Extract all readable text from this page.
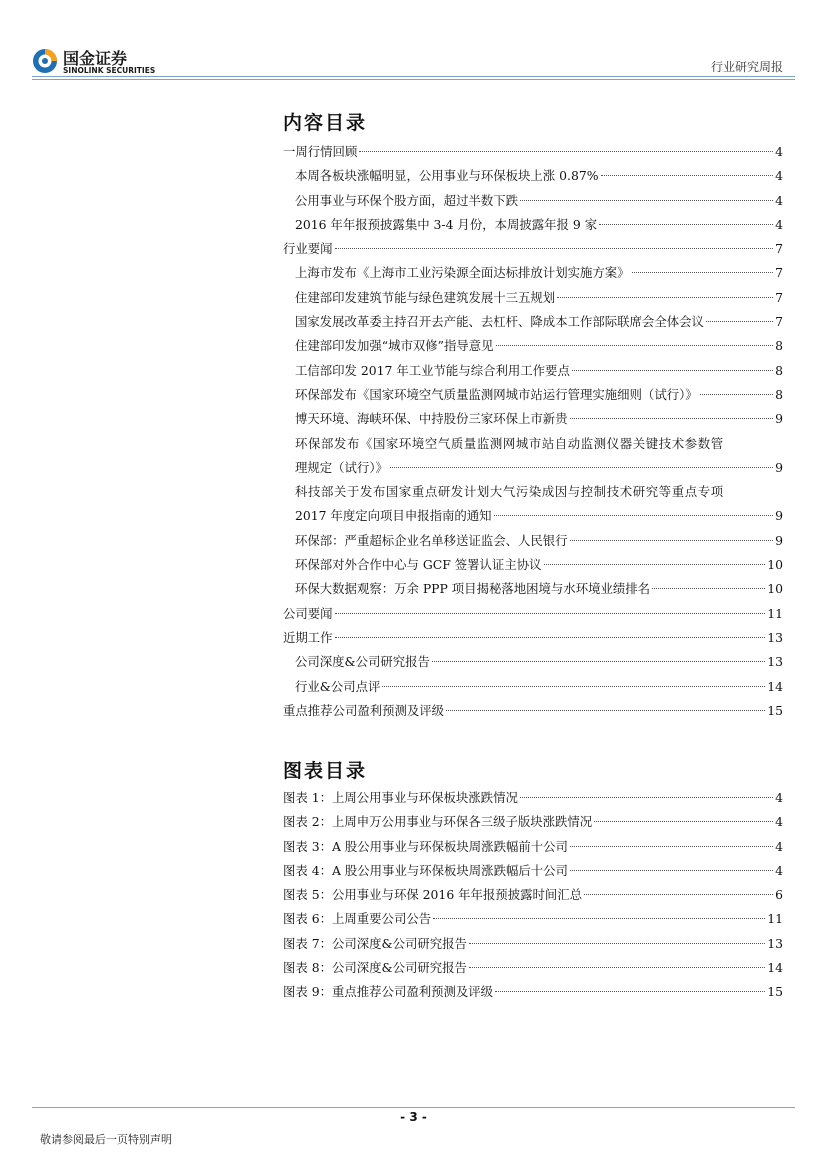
国金证券
SINOLINK SECURITIES	行业研究周报
内容目录
一周行情回顾	4
本周各板块涨幅明显，公用事业与环保板块上涨 0.87%	4
公用事业与环保个股方面，超过半数下跌	4
2016 年年报预披露集中 3-4 月份，本周披露年报 9 家	4
行业要闻	7
上海市发布《上海市工业污染源全面达标排放计划实施方案》	7
住建部印发建筑节能与绿色建筑发展十三五规划	7
国家发展改革委主持召开去产能、去杠杆、降成本工作部际联席会全体会议	7
住建部印发加强“城市双修”指导意见	8
工信部印发 2017 年工业节能与综合利用工作要点	8
环保部发布《国家环境空气质量监测网城市站运行管理实施细则（试行）》	8
博天环境、海峡环保、中持股份三家环保上市新贵	9
环保部发布《国家环境空气质量监测网城市站自动监测仪器关键技术参数管
理规定（试行）》	9
科技部关于发布国家重点研发计划大气污染成因与控制技术研究等重点专项
2017 年度定向项目申报指南的通知	9
环保部：严重超标企业名单移送证监会、人民银行	9
环保部对外合作中心与 GCF 签署认证主协议	10
环保大数据观察：万余 PPP 项目揭秘落地困境与水环境业绩排名	10
公司要闻	11
近期工作	13
公司深度&公司研究报告	13
行业&公司点评	14
重点推荐公司盈利预测及评级	15
图表目录
图表 1：上周公用事业与环保板块涨跌情况	4
图表 2：上周申万公用事业与环保各三级子版块涨跌情况	4
图表 3：A 股公用事业与环保板块周涨跌幅前十公司	4
图表 4：A 股公用事业与环保板块周涨跌幅后十公司	4
图表 5：公用事业与环保 2016 年年报预披露时间汇总	6
图表 6：上周重要公司公告	11
图表 7：公司深度&公司研究报告	13
图表 8：公司深度&公司研究报告	14
图表 9：重点推荐公司盈利预测及评级	15
- 3 -
敬请参阅最后一页特别声明
